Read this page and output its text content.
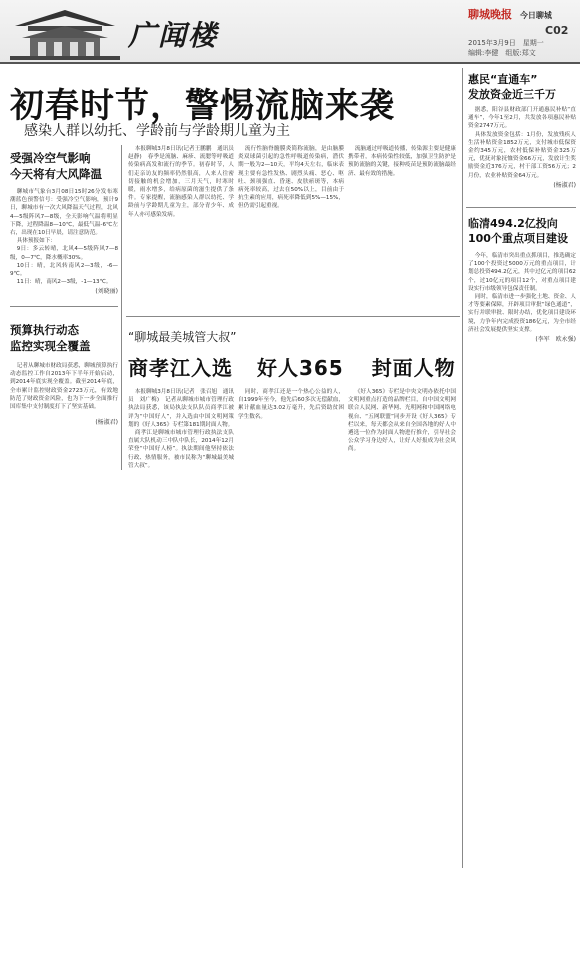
广闻楼
聊城晚报 今日聊城
C02
2015年3月9日　星期一
编辑:李健　组版:郑文
初春时节，警惕流脑来袭
感染人群以幼托、学龄前与学龄期儿童为主
受强冷空气影响
今天将有大风降温

聊城市气象台3月08日15时26分发布寒潮蓝色预警信号：受强冷空气影响，预计9日，聊城市有一次大风降温天气过程，北风4—5级阵风7—8级，全天影响气温将明显下降，过程降温8—10℃，最低气温-6℃左右，出现在10日早晨，请注意防范。

具体预报如下：

9日：多云转晴，北风4—5级阵风7—8级，0—7℃，降水概率30%。

10日：晴，北风转南风2—3级，-6—9℃。

11日：晴，南风2—3级，-1—13℃。

(刘晓丽)
预算执行动态
监控实现全覆盖

记者从聊城市财政局获悉，聊城预算执行动态监控工作自2013年下半年开始启动，到2014年底实现全覆盖。截至2014年底，全市累计监控财政资金2723万元，有效地防范了财政资金风险，也为下一步全面推行国库集中支付制度打下了坚实基础。

(杨淑君)

本报聊城3月8日讯(记者王鹏鹏　通讯员　赵静)　春季是流脑、麻疹、流腮等呼吸道传染病高发和流行的季节。初春时节，人们走亲访友的频率仍然很高，人来人往密切接触的机会增加，三月天气，时寒时暖，雨水增多，给病原菌的滋生提供了条件。专家提醒，流脑感染人群以幼托、学龄前与学龄期儿童为主，部分青少年、成年人亦可感染发病。

流行性脑脊髓膜炎简称流脑，是由脑膜炎双球菌引起的急性呼吸道传染病，潜伏期一般为2—10天，平均4天左右，临床表现主要有急性发热、剧烈头痛、恶心、呕吐、颈项强直、昏迷、皮肤瘀斑等，本病病死率较高，过去在50%以上，目前由于抗生素的应用，病死率降低到5%—15%，但仍需引起重视。

流脑通过呼吸道传播，传染源主要是健康携带者，本病传染性较低，加强卫生防护是预防流脑的关键，接种疫苗是预防流脑最经济、最有效的措施。

“聊城最美城管大叔”
商孝江入选 好人365 封面人物

本报聊城3月8日讯(记者　张召旭　通讯员　刘广梅)　记者从聊城市城市管理行政执法局获悉，该局执法支队队员商孝江被评为“中国好人”，并入选由中国文明网策划的《好人365》专栏第181期封面人物。

商孝江是聊城市城市管理行政执法支队直属大队机动三中队中队长，2014年12月荣登“中国好人榜”。执法期间他坚持依法行政、热情服务，被市民称为“聊城最美城管大叔”。

同时，商孝江还是一个热心公益的人，自1999年至今，他先后60多次无偿献血，累计献血量达3.02万毫升，先后资助贫困学生数名。

《好人365》专栏是中央文明办依托中国文明网重点打造的品牌栏目，自中国文明网联合人民网、新华网、光明网和中国网络电视台、“五网联盟”同步开设《好人365》专栏以来，每天都会从来自全国各地的好人中遴选一位作为封面人物进行推介，引导社会公众学习身边好人，让好人好报成为社会风尚。

惠民“直通车”
发放资金近三千万

据悉，阳谷县财政部门开通惠民补贴“直通车”，今年1至2月，共发放各项惠民补贴资金2747万元。

具体发放资金包括：1月份，发放残疾人生活补贴资金1852万元，支付城市低保资金约345万元，农村低保补贴资金325万元，优抚对象抚恤资金66万元，发放计生奖励资金近376万元，村干部工资56万元；2月份，农业补贴资金64万元。

(杨淑君)
临清494.2亿投向
100个重点项目建设

今年，临清市突出重点抓项目，推选确定了100个投资过5000万元的重点项目，计划总投资494.2亿元，其中过亿元的项目62个，过10亿元的项目12个，对重点项目建设实行市级领导包保责任制。

同时，临清市进一步强化土地、资金、人才等要素保障，开辟项目审批“绿色通道”，实行并联审批、限时办结，优化项目建设环境，力争年内完成投资186亿元，为全市经济社会发展提供坚实支撑。

(李军　欧永强)
